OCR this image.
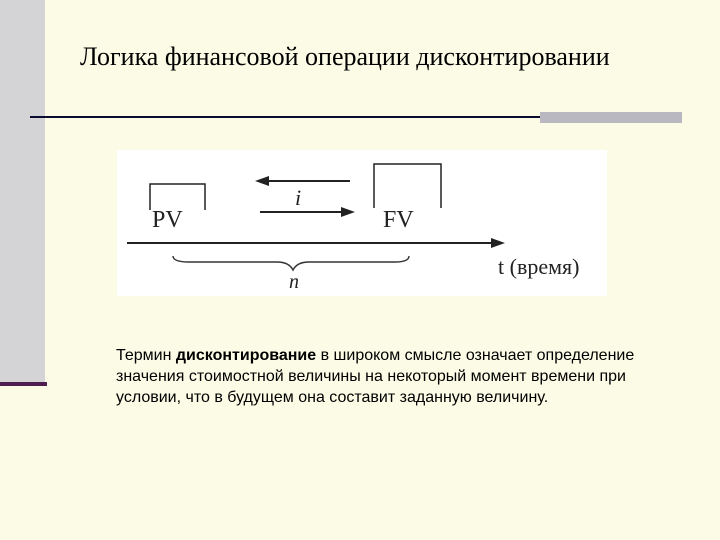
Логика финансовой операции дисконтировании
PV	FV
i
t (время)
n
Термин дисконтирование в широком смысле означает определение значения стоимостной величины на некоторый момент времени при условии, что в будущем она составит заданную величину.
